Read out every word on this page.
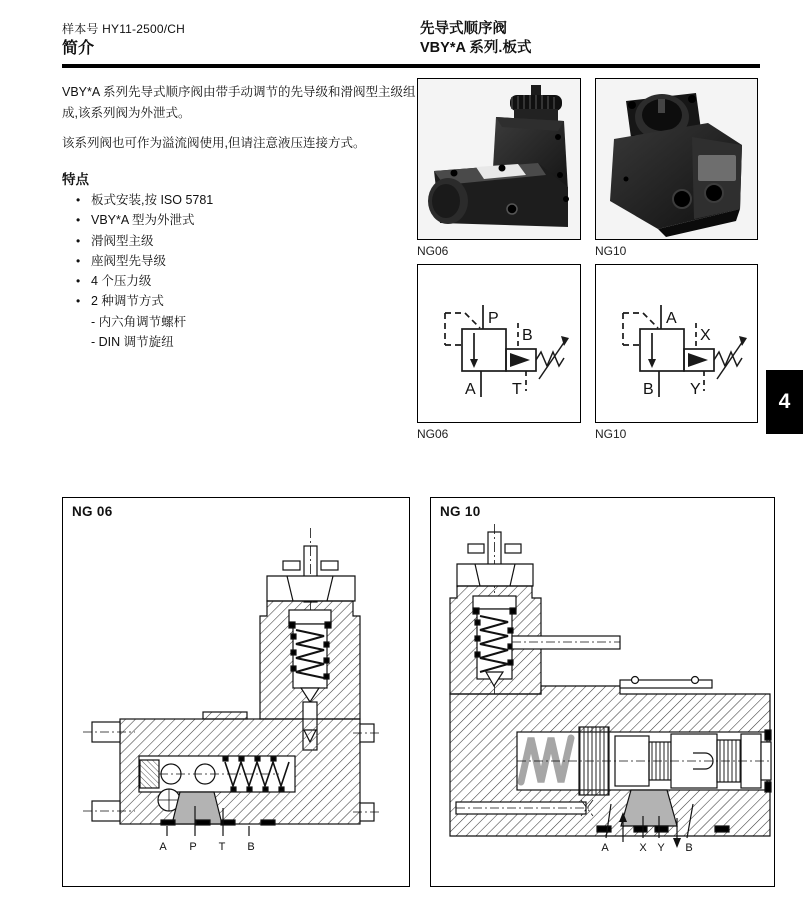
样本号 HY11-2500/CH
简介
先导式顺序阀
VBY*A 系列.板式

VBY*A 系列先导式顺序阀由带手动调节的先导级和滑阀型主级组成,该系列阀为外泄式。

该系列阀也可作为溢流阀使用,但请注意液压连接方式。

特点
• 板式安装,按 ISO 5781
• VBY*A 型为外泄式
• 滑阀型主级
• 座阀型先导级
• 4 个压力级
• 2 种调节方式
- 内六角调节螺杆
- DIN 调节旋纽
NG06	NG10
P
B
A T
A
X
B Y
NG06	NG10
4
NG 06
A P T B
NG 10
A	X Y B
